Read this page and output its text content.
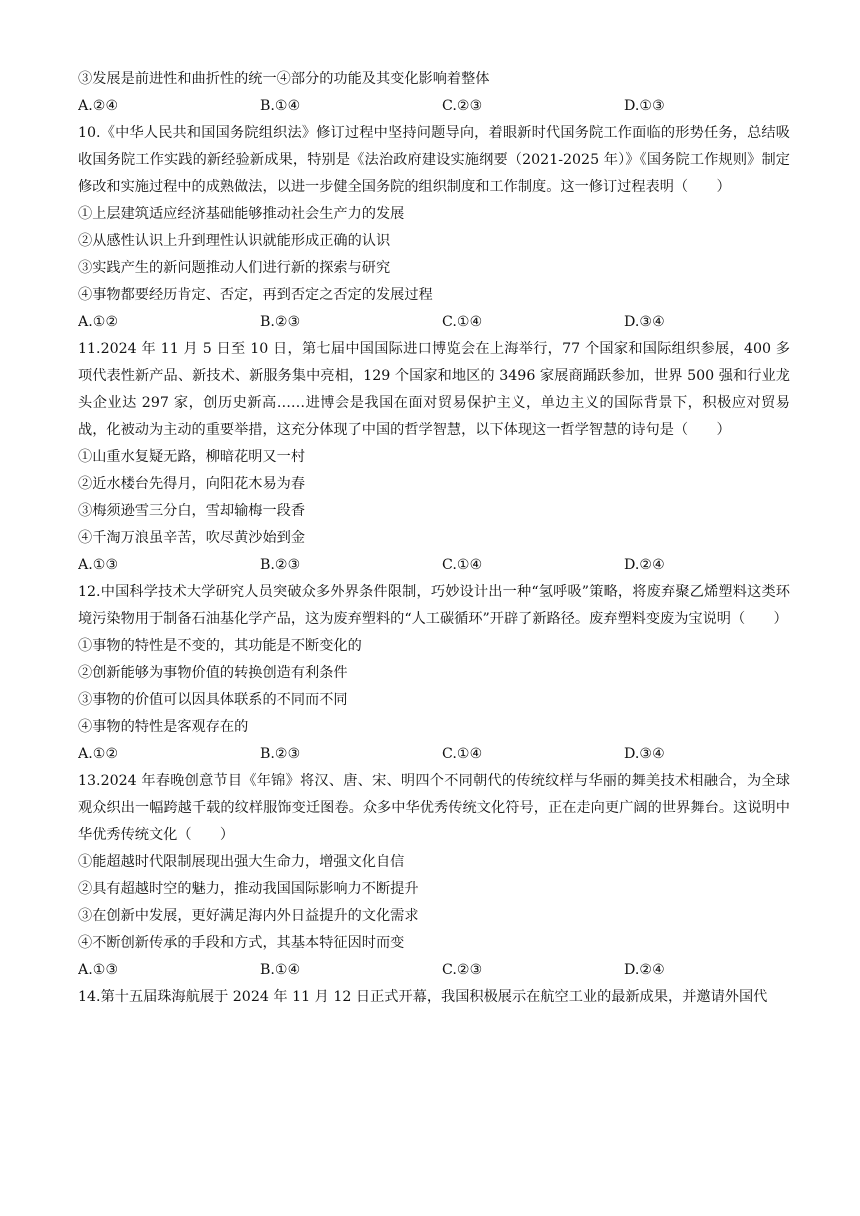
③发展是前进性和曲折性的统一④部分的功能及其变化影响着整体
A.②④	B.①④	C.②③	D.①③
10.《中华人民共和国国务院组织法》修订过程中坚持问题导向，着眼新时代国务院工作面临的形势任务，总结吸收国务院工作实践的新经验新成果，特别是《法治政府建设实施纲要（2021-2025 年）》《国务院工作规则》制定修改和实施过程中的成熟做法，以进一步健全国务院的组织制度和工作制度。这一修订过程表明（　　）
①上层建筑适应经济基础能够推动社会生产力的发展
②从感性认识上升到理性认识就能形成正确的认识
③实践产生的新问题推动人们进行新的探索与研究
④事物都要经历肯定、否定，再到否定之否定的发展过程
A.①②	B.②③	C.①④	D.③④
11.2024 年 11 月 5 日至 10 日，第七届中国国际进口博览会在上海举行，77 个国家和国际组织参展，400 多项代表性新产品、新技术、新服务集中亮相，129 个国家和地区的 3496 家展商踊跃参加，世界 500 强和行业龙头企业达 297 家，创历史新高……进博会是我国在面对贸易保护主义，单边主义的国际背景下，积极应对贸易战，化被动为主动的重要举措，这充分体现了中国的哲学智慧，以下体现这一哲学智慧的诗句是（　　）
①山重水复疑无路，柳暗花明又一村
②近水楼台先得月，向阳花木易为春
③梅须逊雪三分白，雪却输梅一段香
④千淘万浪虽辛苦，吹尽黄沙始到金
A.①③	B.②③	C.①④	D.②④
12.中国科学技术大学研究人员突破众多外界条件限制，巧妙设计出一种“氢呼吸”策略，将废弃聚乙烯塑料这类环境污染物用于制备石油基化学产品，这为废弃塑料的“人工碳循环”开辟了新路径。废弃塑料变废为宝说明（　　）
①事物的特性是不变的，其功能是不断变化的
②创新能够为事物价值的转换创造有利条件
③事物的价值可以因具体联系的不同而不同
④事物的特性是客观存在的
A.①②	B.②③	C.①④	D.③④
13.2024 年春晚创意节目《年锦》将汉、唐、宋、明四个不同朝代的传统纹样与华丽的舞美技术相融合，为全球观众织出一幅跨越千载的纹样服饰变迁图卷。众多中华优秀传统文化符号，正在走向更广阔的世界舞台。这说明中华优秀传统文化（　　）
①能超越时代限制展现出强大生命力，增强文化自信
②具有超越时空的魅力，推动我国国际影响力不断提升
③在创新中发展，更好满足海内外日益提升的文化需求
④不断创新传承的手段和方式，其基本特征因时而变
A.①③	B.①④	C.②③	D.②④
14.第十五届珠海航展于 2024 年 11 月 12 日正式开幕，我国积极展示在航空工业的最新成果，并邀请外国代
